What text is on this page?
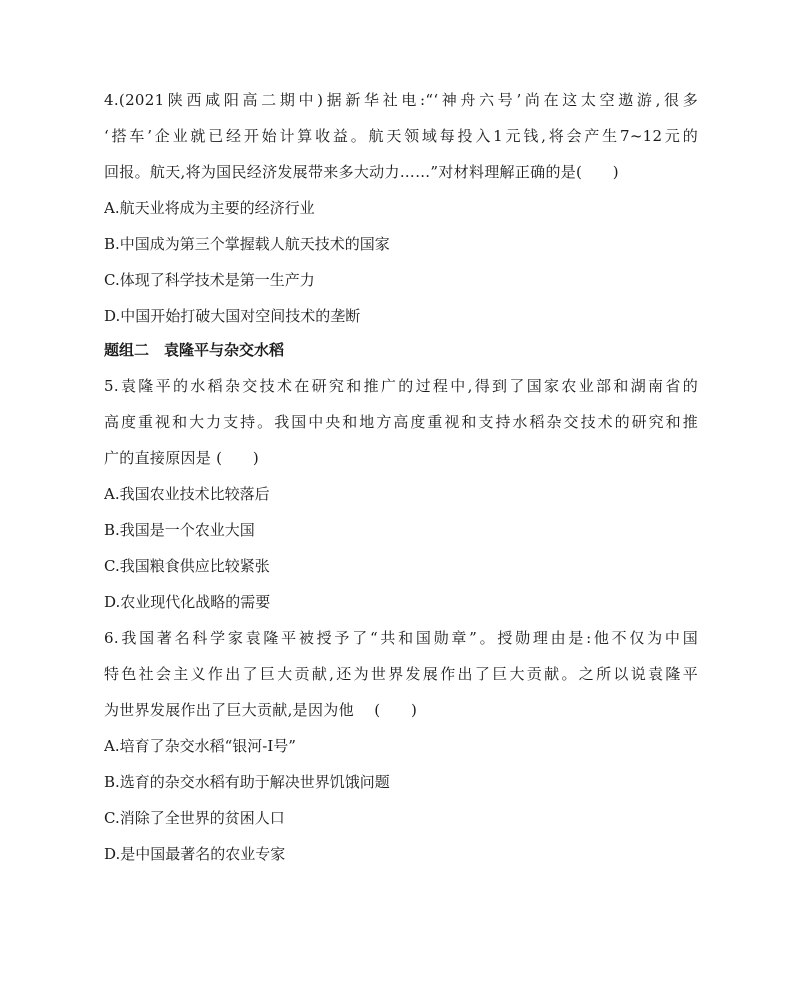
4.(2021陕西咸阳高二期中)据新华社电:“‘神舟六号’尚在这太空遨游,很多
‘搭车’企业就已经开始计算收益。航天领域每投入1元钱,将会产生7~12元的
回报。航天,将为国民经济发展带来多大动力……”对材料理解正确的是(　　)
A.航天业将成为主要的经济行业
B.中国成为第三个掌握载人航天技术的国家
C.体现了科学技术是第一生产力
D.中国开始打破大国对空间技术的垄断
题组二　袁隆平与杂交水稻
5.袁隆平的水稻杂交技术在研究和推广的过程中,得到了国家农业部和湖南省的
高度重视和大力支持。我国中央和地方高度重视和支持水稻杂交技术的研究和推
广的直接原因是 (　　)
A.我国农业技术比较落后
B.我国是一个农业大国
C.我国粮食供应比较紧张
D.农业现代化战略的需要
6.我国著名科学家袁隆平被授予了“共和国勋章”。授勋理由是:他不仅为中国
特色社会主义作出了巨大贡献,还为世界发展作出了巨大贡献。之所以说袁隆平
为世界发展作出了巨大贡献,是因为他　 (　　)
A.培育了杂交水稻“银河-Ⅰ号”
B.选育的杂交水稻有助于解决世界饥饿问题
C.消除了全世界的贫困人口
D.是中国最著名的农业专家
